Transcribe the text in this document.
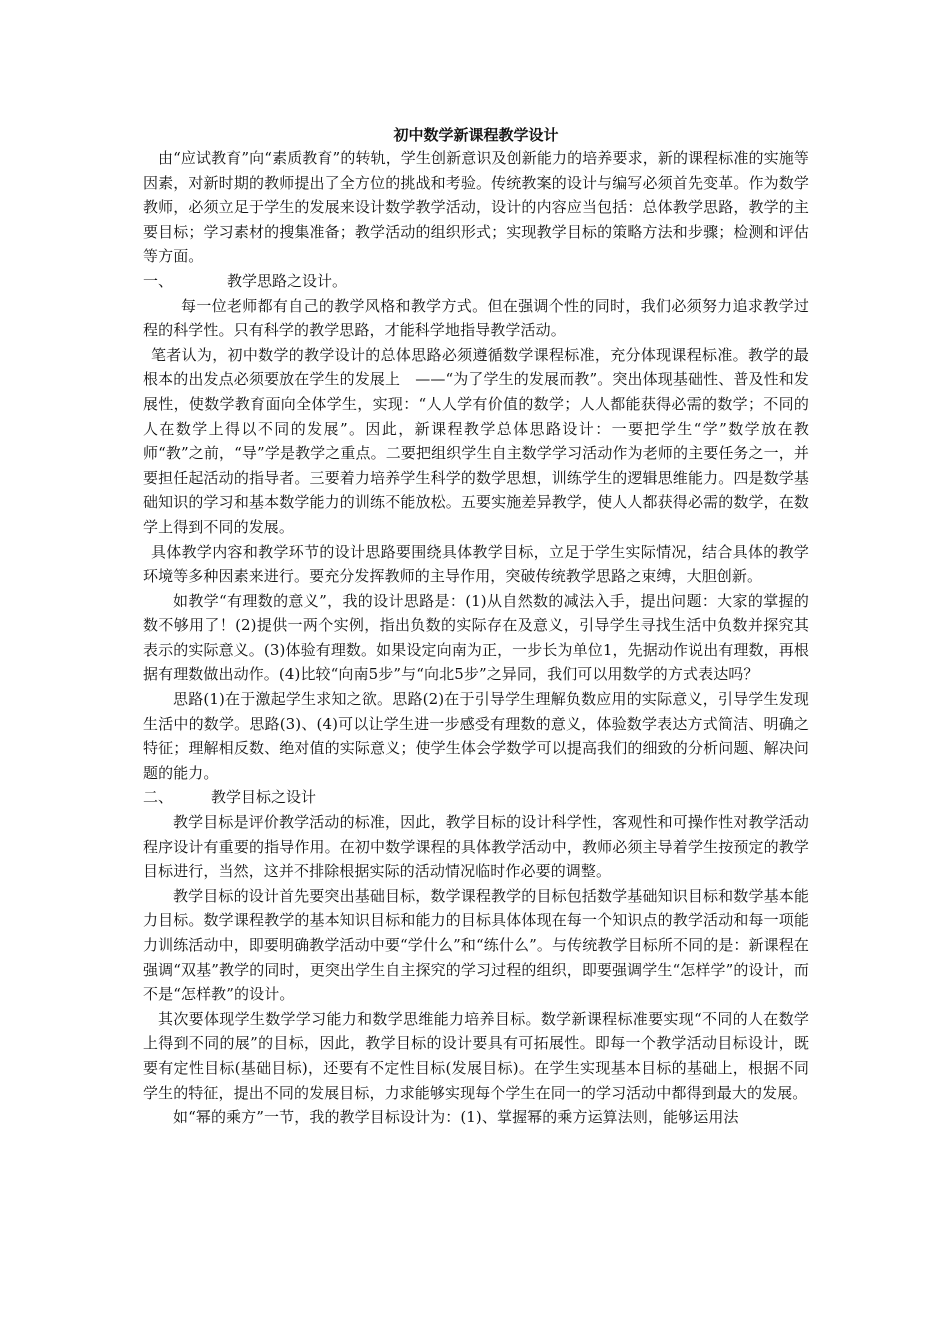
初中数学新课程教学设计

由“应试教育”向“素质教育”的转轨，学生创新意识及创新能力的培养要求，新的课程标准的实施等因素，对新时期的教师提出了全方位的挑战和考验。传统教案的设计与编写必须首先变革。作为数学教师，必须立足于学生的发展来设计数学教学活动，设计的内容应当包括：总体教学思路，教学的主要目标；学习素材的搜集准备；教学活动的组织形式；实现教学目标的策略方法和步骤；检测和评估等方面。

一、	教学思路之设计。

每一位老师都有自己的教学风格和教学方式。但在强调个性的同时，我们必须努力追求教学过程的科学性。只有科学的教学思路，才能科学地指导教学活动。

笔者认为，初中数学的教学设计的总体思路必须遵循数学课程标准，充分体现课程标准。教学的最根本的出发点必须要放在学生的发展上　——“为了学生的发展而教”。突出体现基础性、普及性和发展性，使数学教育面向全体学生，实现：“人人学有价值的数学；人人都能获得必需的数学；不同的人在数学上得以不同的发展”。因此，新课程教学总体思路设计：一要把学生“学”数学放在教师“教”之前，“导”学是教学之重点。二要把组织学生自主数学学习活动作为老师的主要任务之一，并要担任起活动的指导者。三要着力培养学生科学的数学思想，训练学生的逻辑思维能力。四是数学基础知识的学习和基本数学能力的训练不能放松。五要实施差异教学，使人人都获得必需的数学，在数学上得到不同的发展。

具体教学内容和教学环节的设计思路要围绕具体教学目标，立足于学生实际情况，结合具体的教学环境等多种因素来进行。要充分发挥教师的主导作用，突破传统教学思路之束缚，大胆创新。

如教学“有理数的意义”，我的设计思路是：(1)从自然数的减法入手，提出问题：大家的掌握的数不够用了！(2)提供一两个实例，指出负数的实际存在及意义，引导学生寻找生活中负数并探究其表示的实际意义。(3)体验有理数。如果设定向南为正，一步长为单位1，先据动作说出有理数，再根据有理数做出动作。(4)比较“向南5步”与“向北5步”之异同，我们可以用数学的方式表达吗？

思路(1)在于激起学生求知之欲。思路(2)在于引导学生理解负数应用的实际意义，引导学生发现生活中的数学。思路(3)、(4)可以让学生进一步感受有理数的意义，体验数学表达方式简洁、明确之特征；理解相反数、绝对值的实际意义；使学生体会学数学可以提高我们的细致的分析问题、解决问题的能力。

二、	教学目标之设计

教学目标是评价教学活动的标准，因此，教学目标的设计科学性，客观性和可操作性对教学活动程序设计有重要的指导作用。在初中数学课程的具体教学活动中，教师必须主导着学生按预定的教学目标进行，当然，这并不排除根据实际的活动情况临时作必要的调整。

教学目标的设计首先要突出基础目标，数学课程教学的目标包括数学基础知识目标和数学基本能力目标。数学课程教学的基本知识目标和能力的目标具体体现在每一个知识点的教学活动和每一项能力训练活动中，即要明确教学活动中要“学什么”和“练什么”。与传统教学目标所不同的是：新课程在强调“双基”教学的同时，更突出学生自主探究的学习过程的组织，即要强调学生“怎样学”的设计，而不是“怎样教”的设计。

其次要体现学生数学学习能力和数学思维能力培养目标。数学新课程标准要实现“不同的人在数学上得到不同的展”的目标，因此，教学目标的设计要具有可拓展性。即每一个教学活动目标设计，既要有定性目标(基础目标)，还要有不定性目标(发展目标)。在学生实现基本目标的基础上，根据不同学生的特征，提出不同的发展目标，力求能够实现每个学生在同一的学习活动中都得到最大的发展。

如“幂的乘方”一节，我的教学目标设计为：(1)、掌握幂的乘方运算法则，能够运用法
